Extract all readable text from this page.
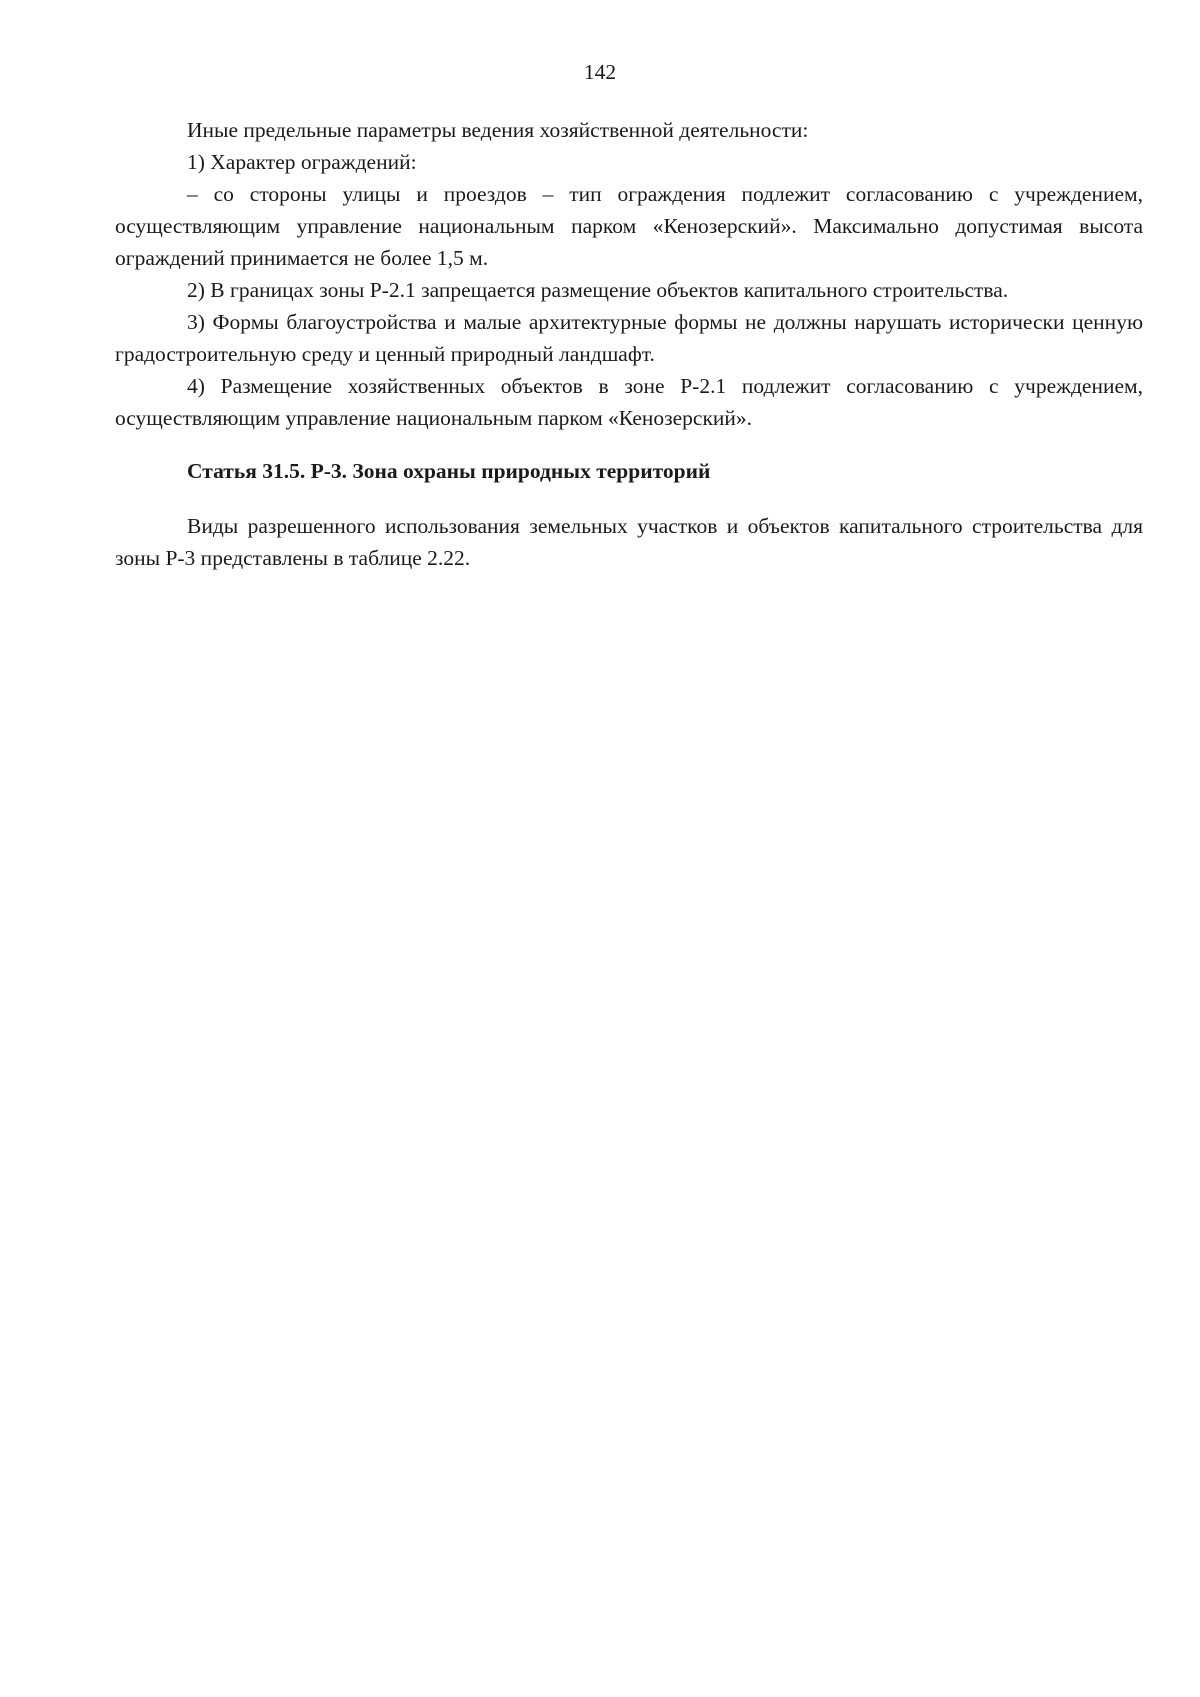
142

Иные предельные параметры ведения хозяйственной деятельности:

1) Характер ограждений:

– со стороны улицы и проездов – тип ограждения подлежит согласованию с учреждением, осуществляющим управление национальным парком «Кенозерский». Максимально допустимая высота ограждений принимается не более 1,5 м.

2) В границах зоны Р-2.1 запрещается размещение объектов капитального строительства.

3) Формы благоустройства и малые архитектурные формы не должны нарушать исторически ценную градостроительную среду и ценный природный ландшафт.

4) Размещение хозяйственных объектов в зоне Р-2.1 подлежит согласованию с учреждением, осуществляющим управление национальным парком «Кенозерский».

Статья 31.5. Р-3. Зона охраны природных территорий

Виды разрешенного использования земельных участков и объектов капитального строительства для зоны Р-3 представлены в таблице 2.22.
